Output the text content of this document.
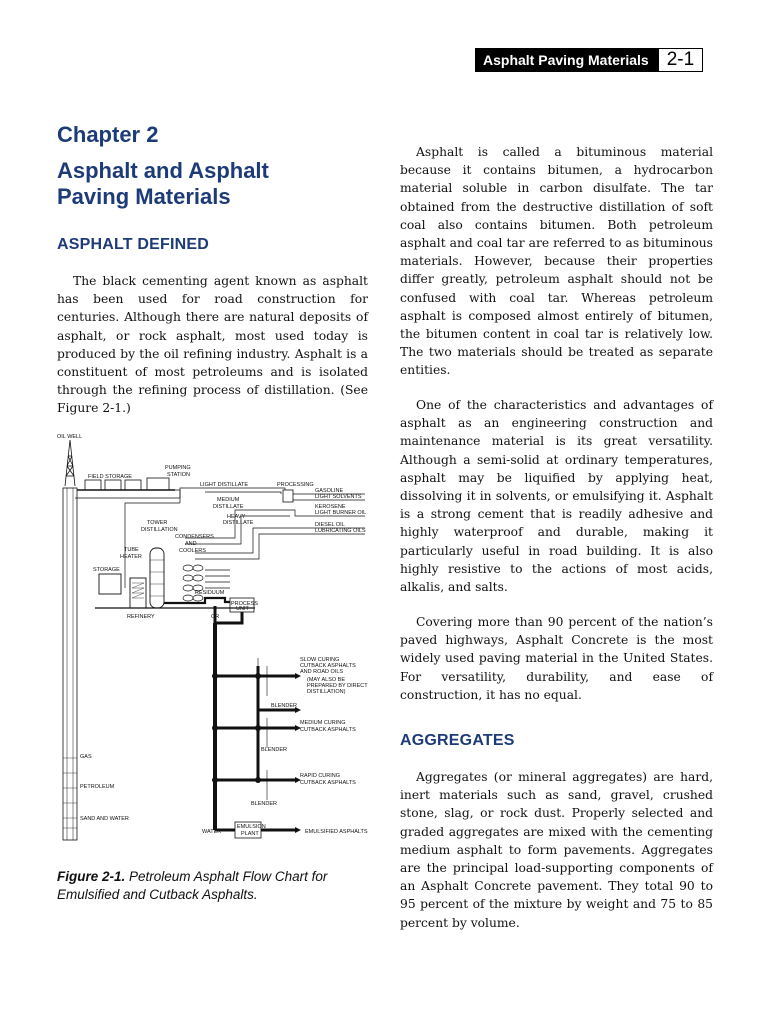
Asphalt Paving Materials 2-1
Chapter 2
Asphalt and Asphalt
Paving Materials
ASPHALT DEFINED

The black cementing agent known as asphalt has been used for road construction for centuries. Although there are natural deposits of asphalt, or rock asphalt, most used today is produced by the oil refining industry. Asphalt is a constituent of most petroleums and is isolated through the refining process of distillation. (See Figure 2-1.)

OIL WELL
PUMPING
STATION
FIELD STORAGE
LIGHT DISTILLATE	PROCESSING
GASOLINE
LIGHT SOLVENTS
MEDIUM
DISTILLATE	KEROSENE
LIGHT BURNER OIL
HEAVY
DISTILLATE	DIESEL OIL
LUBRICATING OILS
TOWER
DISTILLATION
CONDENSERS
AND
COOLERS
TUBE
HEATER
STORAGE
RESIDUUM
PROCESS
UNIT
REFINERY	OR
SLOW CURING
CUTBACK ASPHALTS
AND ROAD OILS
(MAY ALSO BE
PREPARED BY DIRECT
DISTILLATION)
BLENDER
MEDIUM CURING
CUTBACK ASPHALTS
BLENDER
GAS
RAPID CURING
CUTBACK ASPHALTS
PETROLEUM
BLENDER
SAND AND WATER
WATER
EMULSION
PLANT	EMULSIFIED ASPHALTS
Figure 2-1. Petroleum Asphalt Flow Chart for Emulsified and Cutback Asphalts.

Asphalt is called a bituminous material because it contains bitumen, a hydrocarbon material soluble in carbon disulfate. The tar obtained from the destructive distillation of soft coal also contains bitumen. Both petroleum asphalt and coal tar are referred to as bituminous materials. However, because their properties differ greatly, petroleum asphalt should not be confused with coal tar. Whereas petroleum asphalt is composed almost entirely of bitumen, the bitumen content in coal tar is relatively low. The two materials should be treated as separate entities.

One of the characteristics and advantages of asphalt as an engineering construction and maintenance material is its great versatility. Although a semi-solid at ordinary temperatures, asphalt may be liquified by applying heat, dissolving it in solvents, or emulsifying it. Asphalt is a strong cement that is readily adhesive and highly waterproof and durable, making it particularly useful in road building. It is also highly resistive to the actions of most acids, alkalis, and salts.

Covering more than 90 percent of the nation’s paved highways, Asphalt Concrete is the most widely used paving material in the United States. For versatility, durability, and ease of construction, it has no equal.

AGGREGATES

Aggregates (or mineral aggregates) are hard, inert materials such as sand, gravel, crushed stone, slag, or rock dust. Properly selected and graded aggregates are mixed with the cementing medium asphalt to form pavements. Aggregates are the principal load-supporting components of an Asphalt Concrete pavement. They total 90 to 95 percent of the mixture by weight and 75 to 85 percent by volume.
